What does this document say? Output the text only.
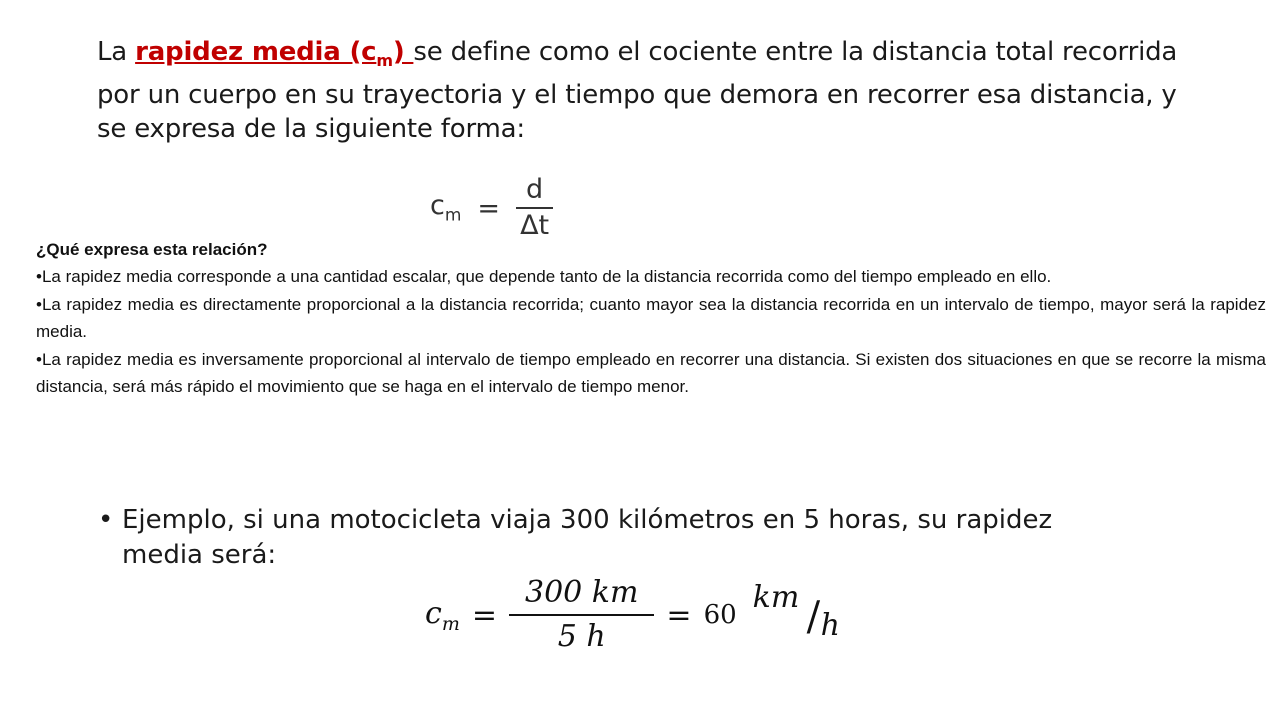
La rapidez media $(c_m)$ se define como el cociente entre la distancia total recorrida por un cuerpo en su trayectoria y el tiempo que demora en recorrer esa distancia, y se expresa de la siguiente forma:

$c_m = \frac{d}{\Delta t}$
¿Qué expresa esta relación?

•La rapidez media corresponde a una cantidad escalar, que depende tanto de la distancia recorrida como del tiempo empleado en ello.

•La rapidez media es directamente proporcional a la distancia recorrida; cuanto mayor sea la distancia recorrida en un intervalo de tiempo, mayor será la rapidez media.

•La rapidez media es inversamente proporcional al intervalo de tiempo empleado en recorrer una distancia. Si existen dos situaciones en que se recorre la misma distancia, será más rápido el movimiento que se haga en el intervalo de tiempo menor.

• Ejemplo, si una motocicleta viaja 300 kilómetros en 5 horas, su rapidez media será:
$c_m = \frac{300 km}{5 h} = 60$ km / h
